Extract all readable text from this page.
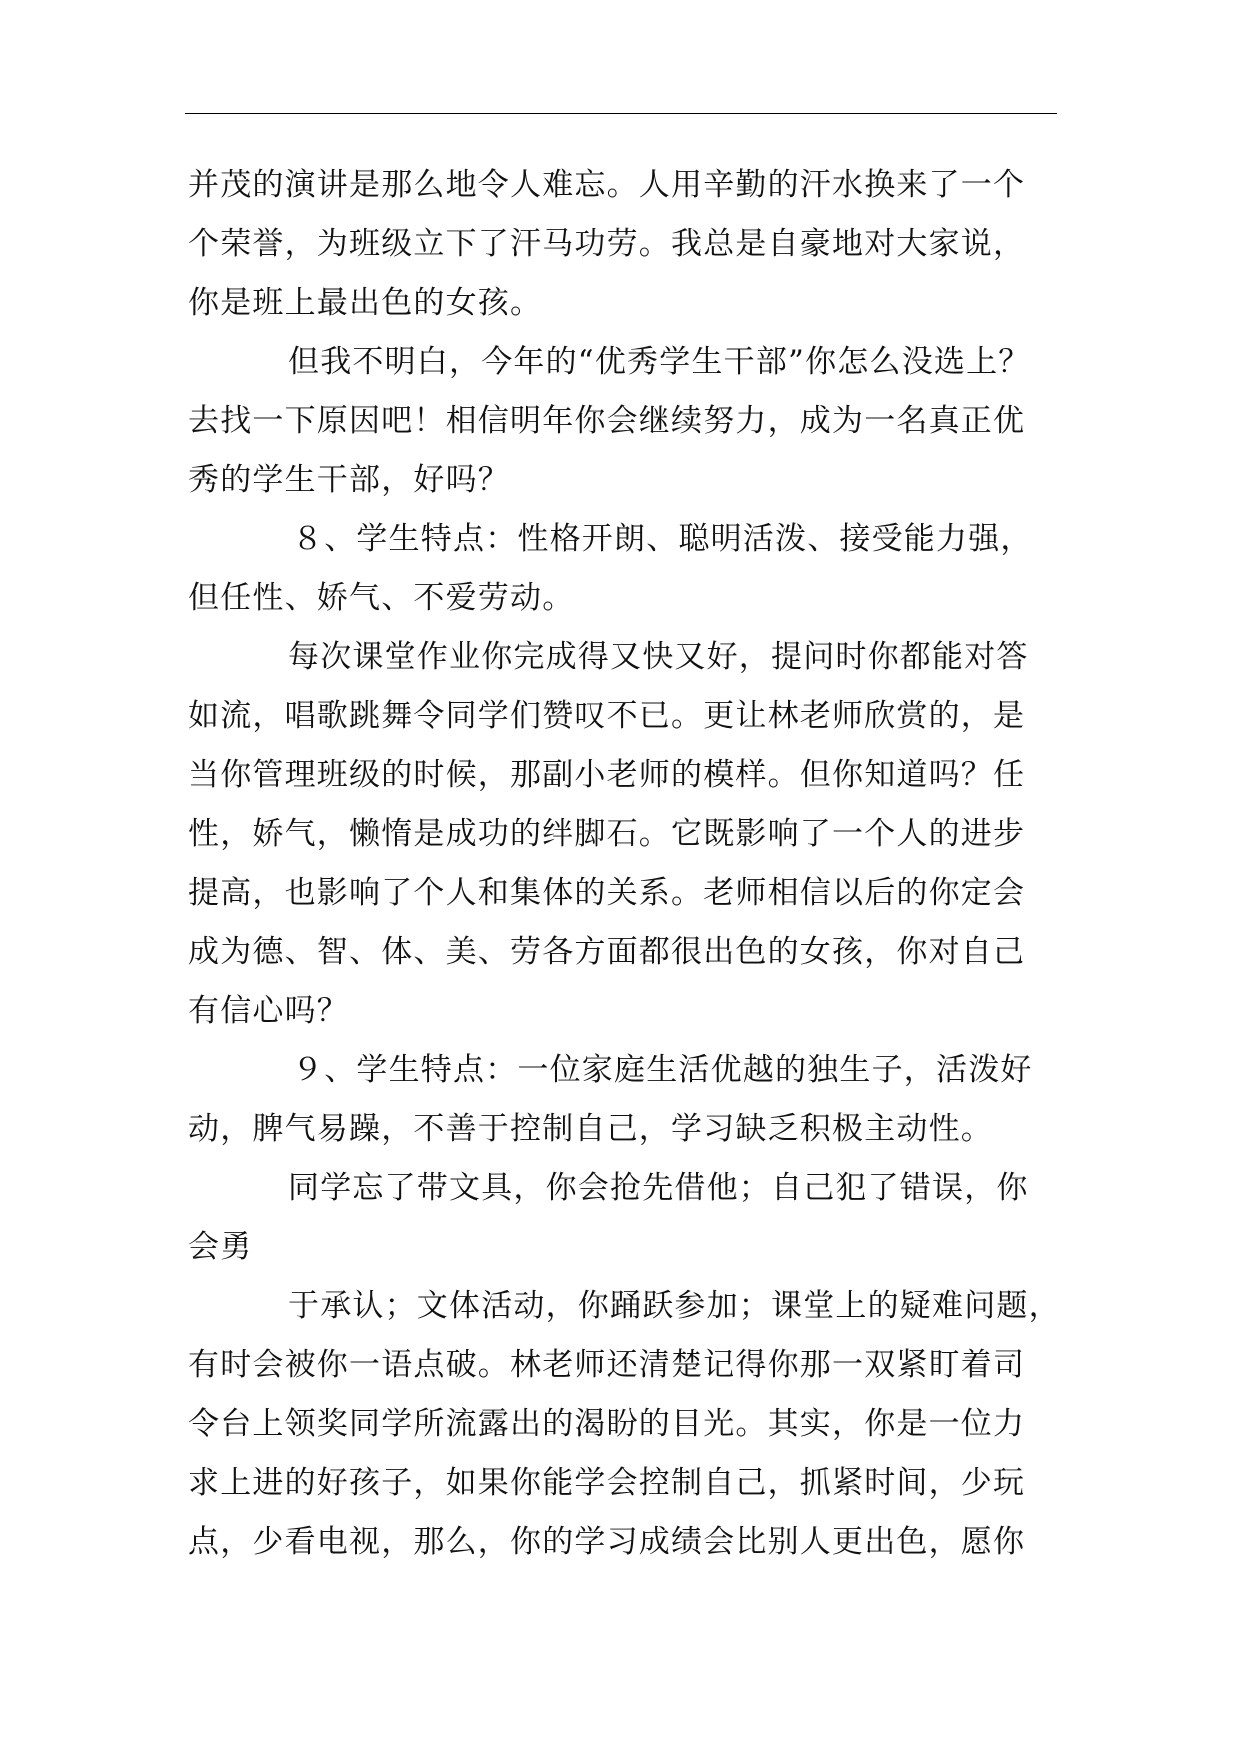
并茂的演讲是那么地令人难忘。人用辛勤的汗水换来了一个
个荣誉，为班级立下了汗马功劳。我总是自豪地对大家说，
你是班上最出色的女孩。
但我不明白，今年的“优秀学生干部”你怎么没选上？
去找一下原因吧！相信明年你会继续努力，成为一名真正优
秀的学生干部，好吗？
８、学生特点：性格开朗、聪明活泼、接受能力强，
但任性、娇气、不爱劳动。
每次课堂作业你完成得又快又好，提问时你都能对答
如流，唱歌跳舞令同学们赞叹不已。更让林老师欣赏的，是
当你管理班级的时候，那副小老师的模样。但你知道吗？任
性，娇气，懒惰是成功的绊脚石。它既影响了一个人的进步
提高，也影响了个人和集体的关系。老师相信以后的你定会
成为德、智、体、美、劳各方面都很出色的女孩，你对自己
有信心吗？
９、学生特点：一位家庭生活优越的独生子，活泼好
动，脾气易躁，不善于控制自己，学习缺乏积极主动性。
同学忘了带文具，你会抢先借他；自己犯了错误，你
会勇
于承认；文体活动，你踊跃参加；课堂上的疑难问题，
有时会被你一语点破。林老师还清楚记得你那一双紧盯着司
令台上领奖同学所流露出的渴盼的目光。其实，你是一位力
求上进的好孩子，如果你能学会控制自己，抓紧时间，少玩
点，少看电视，那么，你的学习成绩会比别人更出色，愿你
